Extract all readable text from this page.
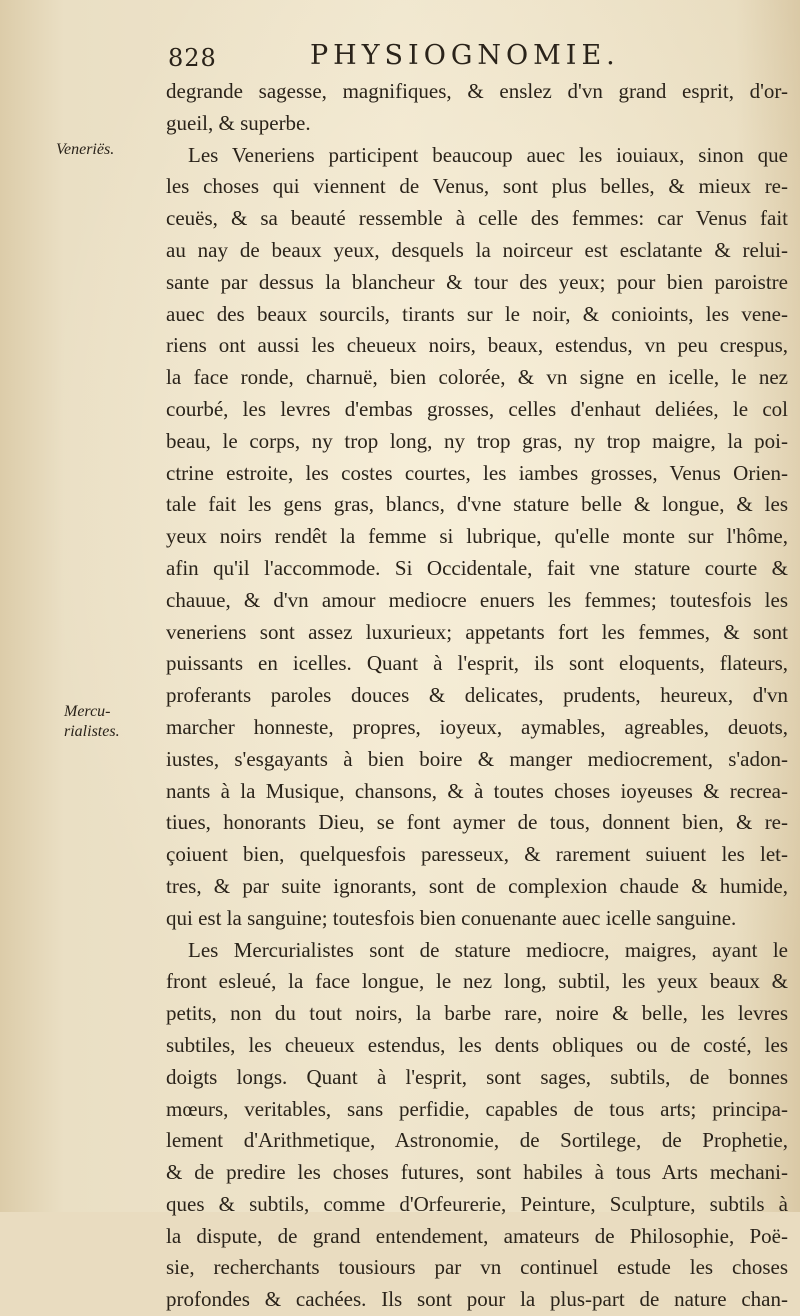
828	PHYSIOGNOMIE.
Veneriës.
Mercu-
rialistes.
degrande sagesse, magnifiques, & enslez d'vn grand esprit, d'or-
gueil, & superbe.
Les Veneriens participent beaucoup auec les iouiaux, sinon que
les choses qui viennent de Venus, sont plus belles, & mieux re-
ceuës, & sa beauté ressemble à celle des femmes: car Venus fait
au nay de beaux yeux, desquels la noirceur est esclatante & relui-
sante par dessus la blancheur & tour des yeux; pour bien paroistre
auec des beaux sourcils, tirants sur le noir, & conioints, les vene-
riens ont aussi les cheueux noirs, beaux, estendus, vn peu crespus,
la face ronde, charnuë, bien colorée, & vn signe en icelle, le nez
courbé, les levres d'embas grosses, celles d'enhaut deliées, le col
beau, le corps, ny trop long, ny trop gras, ny trop maigre, la poi-
ctrine estroite, les costes courtes, les iambes grosses, Venus Orien-
tale fait les gens gras, blancs, d'vne stature belle & longue, & les
yeux noirs rendêt la femme si lubrique, qu'elle monte sur l'hôme,
afin qu'il l'accommode. Si Occidentale, fait vne stature courte &
chauue, & d'vn amour mediocre enuers les femmes; toutesfois les
veneriens sont assez luxurieux; appetants fort les femmes, & sont
puissants en icelles. Quant à l'esprit, ils sont eloquents, flateurs,
proferants paroles douces & delicates, prudents, heureux, d'vn
marcher honneste, propres, ioyeux, aymables, agreables, deuots,
iustes, s'esgayants à bien boire & manger mediocrement, s'adon-
nants à la Musique, chansons, & à toutes choses ioyeuses & recrea-
tiues, honorants Dieu, se font aymer de tous, donnent bien, & re-
çoiuent bien, quelquesfois paresseux, & rarement suiuent les let-
tres, & par suite ignorants, sont de complexion chaude & humide,
qui est la sanguine; toutesfois bien conuenante auec icelle sanguine.
Les Mercurialistes sont de stature mediocre, maigres, ayant le
front esleué, la face longue, le nez long, subtil, les yeux beaux &
petits, non du tout noirs, la barbe rare, noire & belle, les levres
subtiles, les cheueux estendus, les dents obliques ou de costé, les
doigts longs. Quant à l'esprit, sont sages, subtils, de bonnes
mœurs, veritables, sans perfidie, capables de tous arts; principa-
lement d'Arithmetique, Astronomie, de Sortilege, de Prophetie,
& de predire les choses futures, sont habiles à tous Arts mechani-
ques & subtils, comme d'Orfeurerie, Peinture, Sculpture, subtils à
la dispute, de grand entendement, amateurs de Philosophie, Poë-
sie, recherchants tousiours par vn continuel estude les choses
profondes & cachées. Ils sont pour la plus-part de nature chan-
